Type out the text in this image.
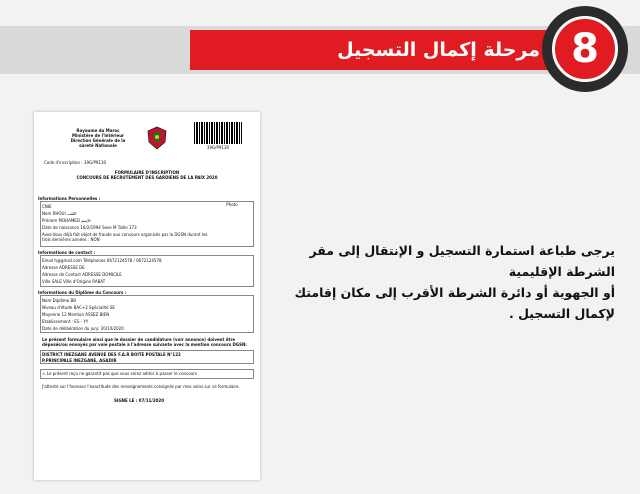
مرحلة إكمال التسجيل 8
Royaume du Maroc
Ministère de l'Intérieur
Direction Générale de la sûreté Nationale	39G/P9130
Code d'inscription : 39G/P9130
FORMULAIRE D'INSCRIPTION
CONCOURS DE RECRUTEMENT DES GARDIENS DE LA PAIX 2020
Informations Personnelles :
CNIE
Nom RHOUI اللقب
Prénom MOHAMED الإسم
Date de naissance 16/2/1994 Sexe M Taille 173
Avez-Vous déjà fait objet de fraude aux concours organisés par la DGSN durant les trois dernières années : NON
Photo
Informations de contact :
Email h@gmail.com Téléphones 0672124578 / 0672124578
Adresse ADRESSE DE
Adresse de Contact ADRESSE DOMICILE
Ville SALE Ville d'Origine RABAT
Informations du Diplôme du Concours :
Nom Diplôme BB
Niveau d'étude BAC+2 Spécialité SE
Moyenne 12 Mention ASSEZ BIEN
Etablissement : ES - YY
Date de délibération du jury: 20/10/2020
Le présent formulaire ainsi que le dossier de candidature (voir annonce) doivent être déposés/ou envoyés par voie postale à l'adresse suivante avec la mention concours DGSN:
DISTRICT INEZGANE AVENUE DES F.A.R BOITE POSTALE N°122
P.PRINCIPALE INEZGANE, AGADIR
⚠ Le présent reçu ne garantit pas que vous serez admis à passer le concours
J'atteste sur l'honneur l'exactitude des renseignements consignés par mes soins sur ce formulaire.
SIGNE LE : 07/11/2020
يرجى طباعة استمارة التسجيل و الإنتقال إلى مقر الشرطة الإقليمية
أو الجهوية أو دائرة الشرطة الأقرب إلى مكان إقامتك لإكمال التسجيل .
